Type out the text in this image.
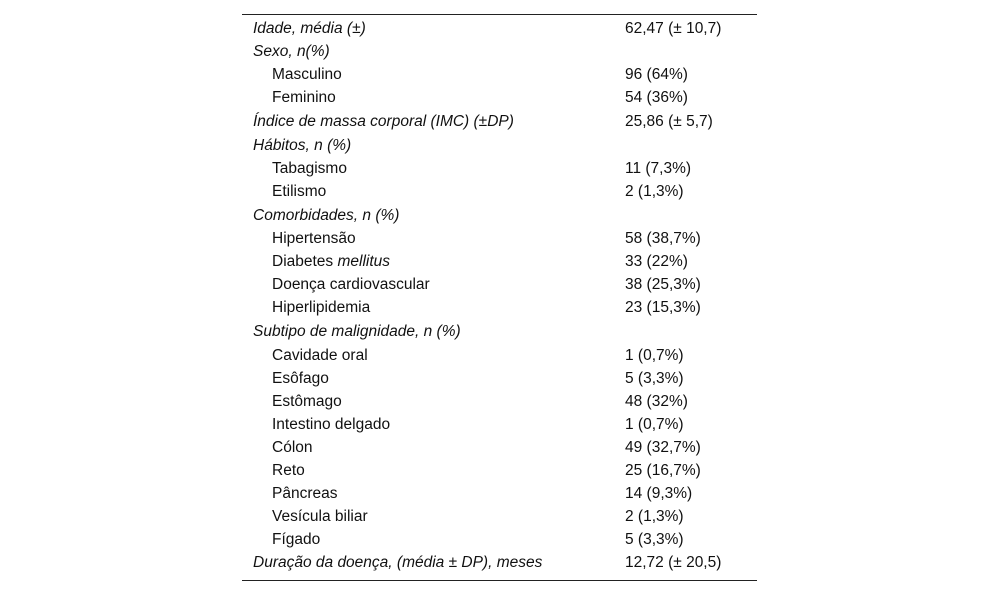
Idade, média (±)	62,47 (± 10,7)
Sexo, n(%)
Masculino	96 (64%)
Feminino	54 (36%)
Índice de massa corporal (IMC) (±DP)	25,86 (± 5,7)
Hábitos, n (%)
Tabagismo	11 (7,3%)
Etilismo	2 (1,3%)
Comorbidades, n (%)
Hipertensão	58 (38,7%)
Diabetes mellitus	33 (22%)
Doença cardiovascular	38 (25,3%)
Hiperlipidemia	23 (15,3%)
Subtipo de malignidade, n (%)
Cavidade oral	1 (0,7%)
Esôfago	5 (3,3%)
Estômago	48 (32%)
Intestino delgado	1 (0,7%)
Cólon	49 (32,7%)
Reto	25 (16,7%)
Pâncreas	14 (9,3%)
Vesícula biliar	2 (1,3%)
Fígado	5 (3,3%)
Duração da doença, (média ± DP), meses	12,72 (± 20,5)
